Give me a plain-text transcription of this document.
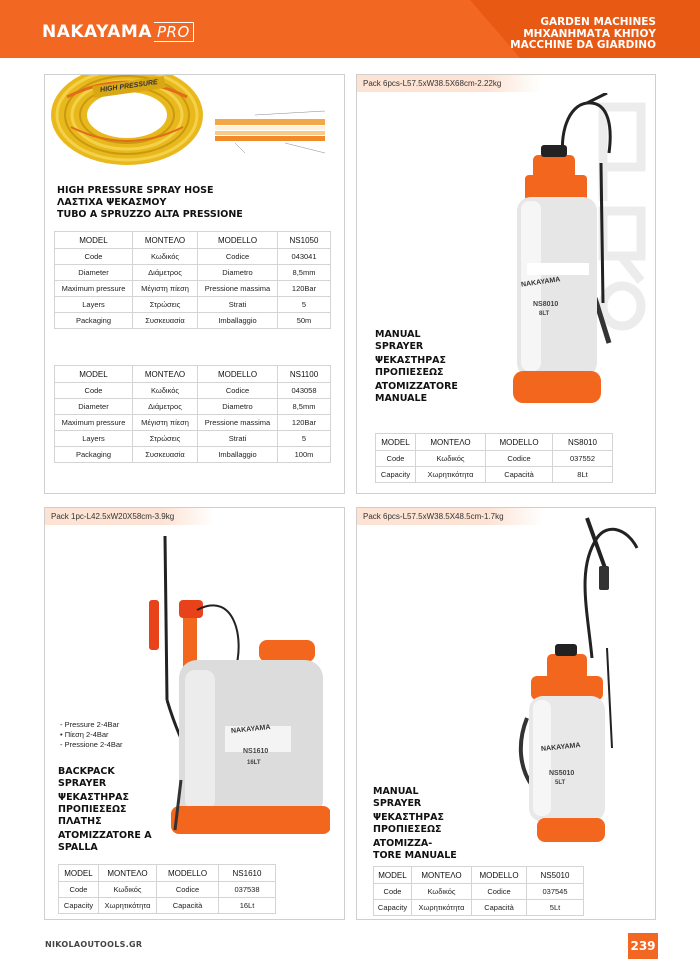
NAKAYAMA PRO
GARDEN MACHINES
ΜΗΧΑΝΗΜΑΤΑ ΚΗΠΟΥ
MACCHINE DA GIARDINO
HIGH PRESSURE
HIGH PRESSURE SPRAY HOSE
ΛΑΣΤΙΧΑ ΨΕΚΑΣΜΟΥ
TUBO A SPRUZZO ALTA PRESSIONE
MODEL	ΜΟΝΤΕΛΟ	MODELLO	NS1050
Code	Κωδικός	Codice	043041
Diameter	Διάμετρος	Diametro	8,5mm
Maximum pressure	Μέγιστη πίεση	Pressione massima	120Bar
Layers	Στρώσεις	Strati	5
Packaging	Συσκευασία	Imballaggio	50m
MODEL	ΜΟΝΤΕΛΟ	MODELLO	NS1100
Code	Κωδικός	Codice	043058
Diameter	Διάμετρος	Diametro	8,5mm
Maximum pressure	Μέγιστη πίεση	Pressione massima	120Bar
Layers	Στρώσεις	Strati	5
Packaging	Συσκευασία	Imballaggio	100m
Pack 6pcs-L57.5xW38.5X68cm-2.22kg
NAKAYAMA
NS8010
8LT
MANUAL
SPRAYER
ΨΕΚΑΣΤΗΡΑΣ
ΠΡΟΠΙΕΣΕΩΣ
ATOMIZZATORE
MANUALE
MODEL	ΜΟΝΤΕΛΟ	MODELLO	NS8010
Code	Κωδικός	Codice	037552
Capacity	Χωρητικότητα	Capacità	8Lt
Pack 1pc-L42.5xW20X58cm-3.9kg
NAKAYAMA
NS1610
16LT
- Pressure 2-4Bar
• Πίεση 2-4Bar
- Pressione 2-4Bar
BACKPACK
SPRAYER
ΨΕΚΑΣΤΗΡΑΣ
ΠΡΟΠΙΕΣΕΩΣ
ΠΛΑΤΗΣ
ATOMIZZATORE A
SPALLA
MODEL	ΜΟΝΤΕΛΟ	MODELLO	NS1610
Code	Κωδικός	Codice	037538
Capacity	Χωρητικότητα	Capacità	16Lt
Pack 6pcs-L57.5xW38.5X48.5cm-1.7kg
NAKAYAMA
NS5010
5LT
MANUAL
SPRAYER
ΨΕΚΑΣΤΗΡΑΣ
ΠΡΟΠΙΕΣΕΩΣ
ATOMIZZA-
TORE MANUALE
MODEL	ΜΟΝΤΕΛΟ	MODELLO	NS5010
Code	Κωδικός	Codice	037545
Capacity	Χωρητικότητα	Capacità	5Lt
NIKOLAOUTOOLS.GR	239
